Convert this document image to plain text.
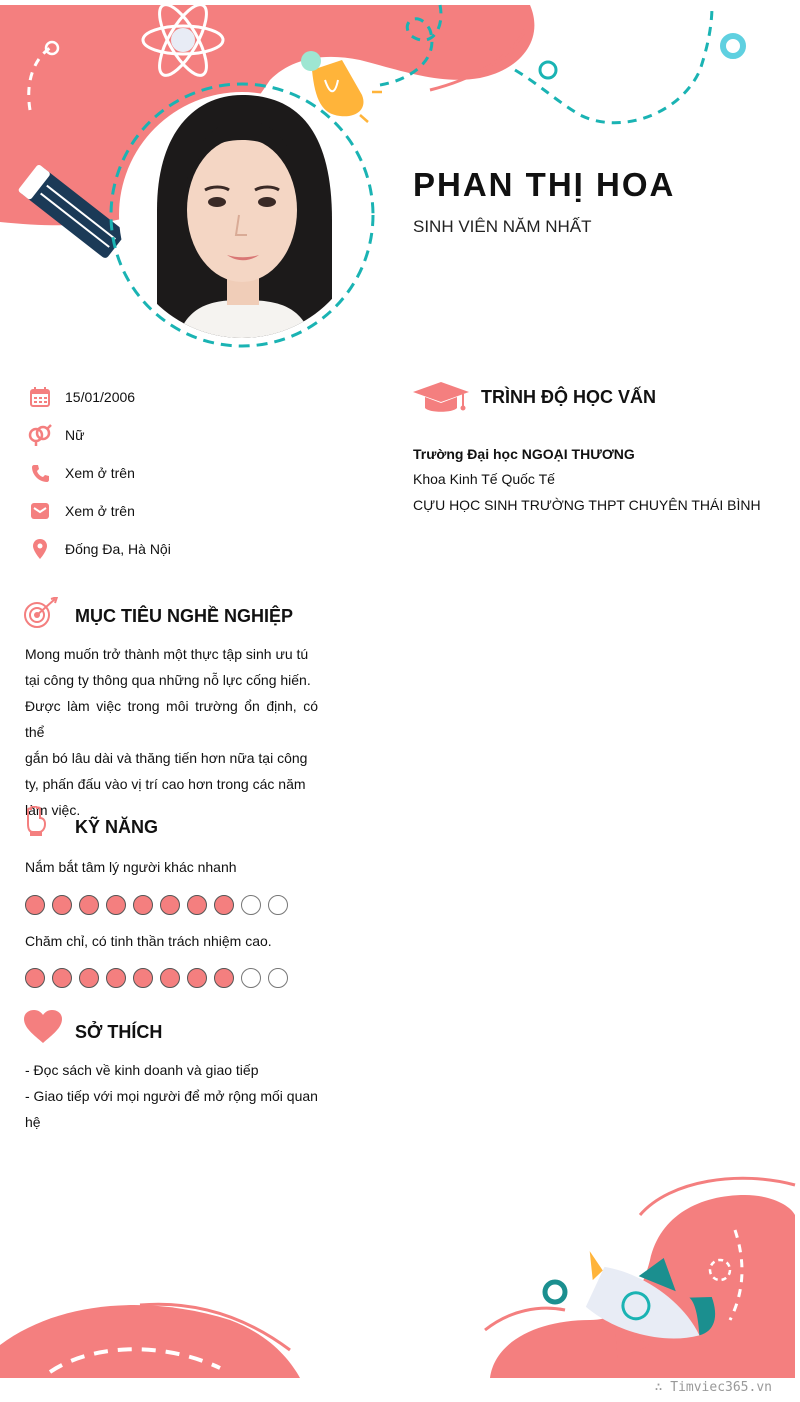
PHAN THỊ HOA
SINH VIÊN NĂM NHẤT
15/01/2006
Nữ
Xem ở trên
Xem ở trên
Đống Đa, Hà Nội
MỤC TIÊU NGHỀ NGHIỆP
Mong muốn trở thành một thực tập sinh ưu tú
tại công ty thông qua những nỗ lực cống hiến.
Được làm việc trong môi trường ổn định, có thể
gắn bó lâu dài và thăng tiến hơn nữa tại công
ty, phấn đấu vào vị trí cao hơn trong các năm
làm việc.
KỸ NĂNG
Nắm bắt tâm lý người khác nhanh
Chăm chỉ, có tinh thần trách nhiệm cao.
SỞ THÍCH
- Đọc sách về kinh doanh và giao tiếp
- Giao tiếp với mọi người để mở rộng mối quan
hệ
TRÌNH ĐỘ HỌC VẤN
Trường Đại học NGOẠI THƯƠNG
Khoa Kinh Tế Quốc Tế
CỰU HỌC SINH TRƯỜNG THPT CHUYÊN THÁI BÌNH
∴ Timviec365.vn
